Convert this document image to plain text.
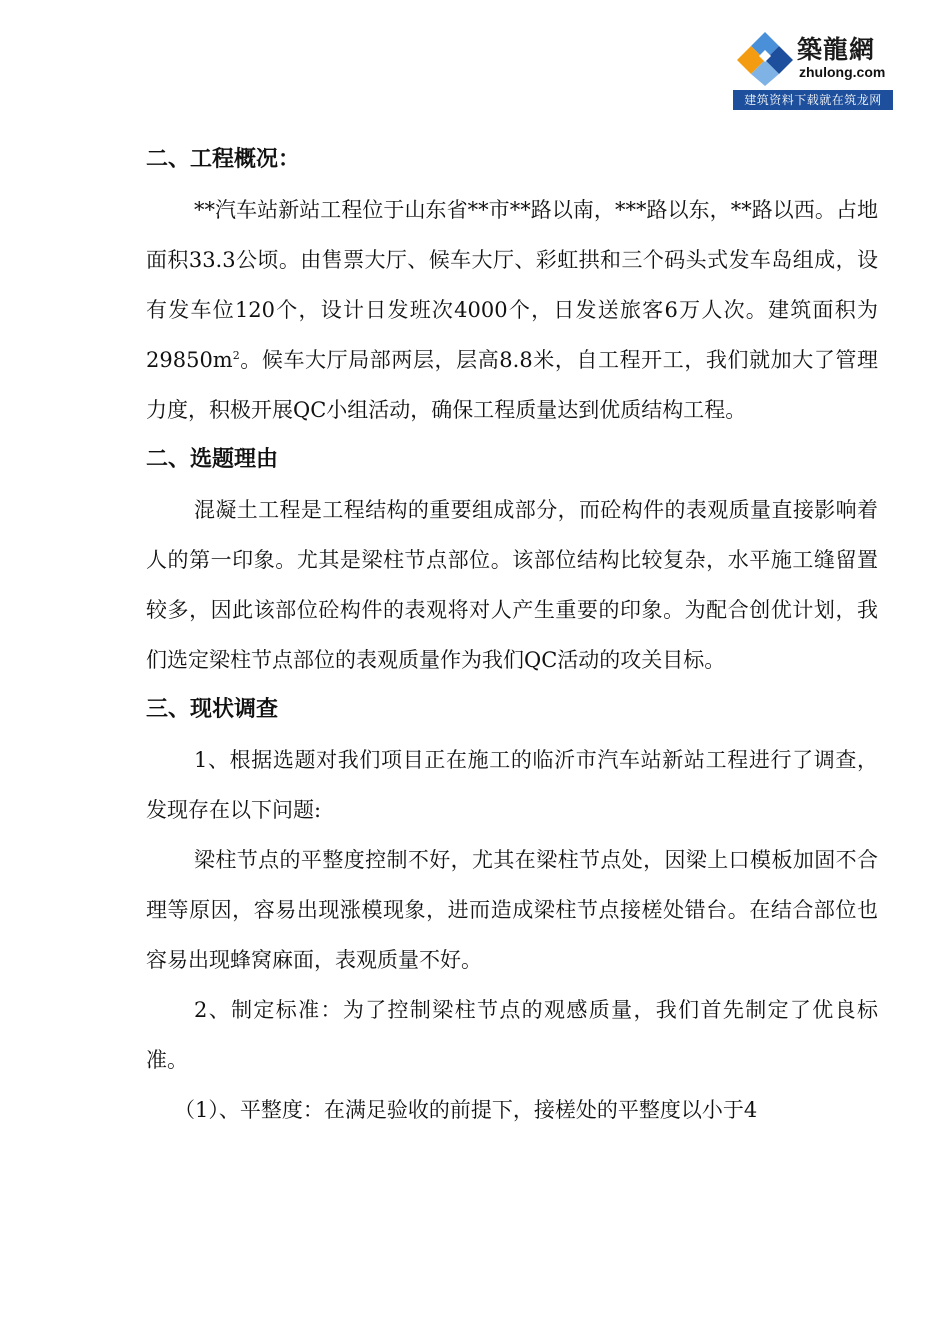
築龍網
zhulong.com
建筑资料下载就在筑龙网
二、工程概况：

**汽车站新站工程位于山东省**市**路以南，***路以东，**路以西。占地面积33.3公顷。由售票大厅、候车大厅、彩虹拱和三个码头式发车岛组成，设有发车位120个，设计日发班次4000个，日发送旅客6万人次。建筑面积为$29850m^2$。候车大厅局部两层，层高8.8米，自工程开工，我们就加大了管理力度，积极开展QC小组活动，确保工程质量达到优质结构工程。

二、选题理由

混凝土工程是工程结构的重要组成部分，而砼构件的表观质量直接影响着人的第一印象。尤其是梁柱节点部位。该部位结构比较复杂，水平施工缝留置较多，因此该部位砼构件的表观将对人产生重要的印象。为配合创优计划，我们选定梁柱节点部位的表观质量作为我们QC活动的攻关目标。

三、现状调查

1、根据选题对我们项目正在施工的临沂市汽车站新站工程进行了调查，发现存在以下问题:

梁柱节点的平整度控制不好，尤其在梁柱节点处，因梁上口模板加固不合理等原因，容易出现涨模现象，进而造成梁柱节点接槎处错台。在结合部位也容易出现蜂窝麻面，表观质量不好。

2、制定标准：为了控制梁柱节点的观感质量，我们首先制定了优良标准。

（1）、平整度：在满足验收的前提下，接槎处的平整度以小于4
